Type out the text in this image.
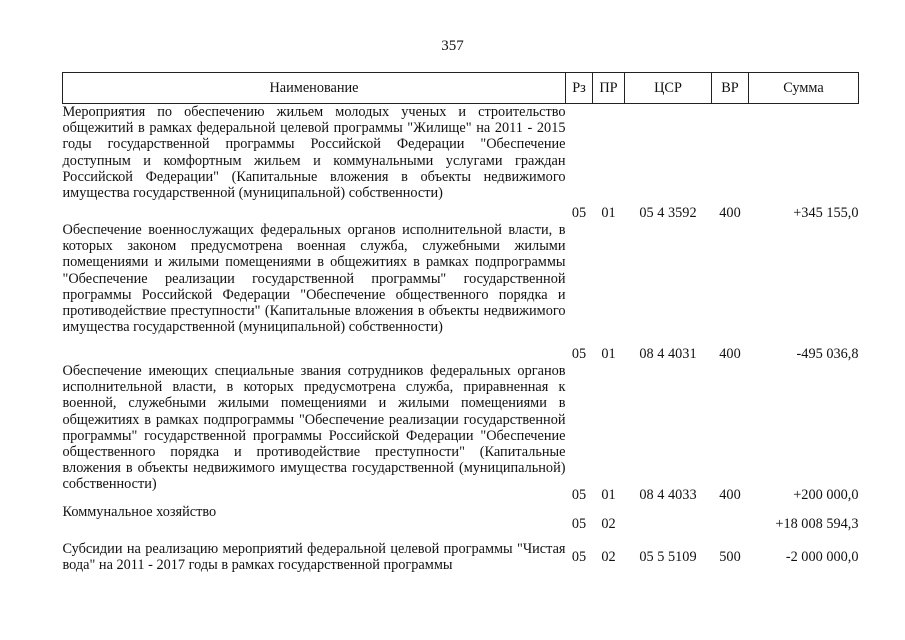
357
Наименование	Рз	ПР	ЦСР	ВР	Сумма
Мероприятия по обеспечению жильем молодых ученых и строительство общежитий в рамках федеральной целевой программы "Жилище" на 2011 - 2015 годы государственной программы Российской Федерации "Обеспечение доступным и комфортным жильем и коммунальными услугами граждан Российской Федерации" (Капитальные вложения в объекты недвижимого имущества государственной (муниципальной) собственности)	05	01	05 4 3592	400	+345 155,0
Обеспечение военнослужащих федеральных органов исполнительной власти, в которых законом предусмотрена военная служба, служебными жилыми помещениями и жилыми помещениями в общежитиях в рамках подпрограммы "Обеспечение реализации государственной программы" государственной программы Российской Федерации "Обеспечение общественного порядка и противодействие преступности" (Капитальные вложения в объекты недвижимого имущества государственной (муниципальной) собственности)	05	01	08 4 4031	400	-495 036,8
Обеспечение имеющих специальные звания сотрудников федеральных органов исполнительной власти, в которых предусмотрена служба, приравненная к военной, служебными жилыми помещениями и жилыми помещениями в общежитиях в рамках подпрограммы "Обеспечение реализации государственной программы" государственной программы Российской Федерации "Обеспечение общественного порядка и противодействие преступности" (Капитальные вложения в объекты недвижимого имущества государственной (муниципальной) собственности)	05	01	08 4 4033	400	+200 000,0
Коммунальное хозяйство	05	02			+18 008 594,3
Субсидии на реализацию мероприятий федеральной целевой программы "Чистая вода" на 2011 - 2017 годы в рамках государственной программы	05	02	05 5 5109	500	-2 000 000,0
